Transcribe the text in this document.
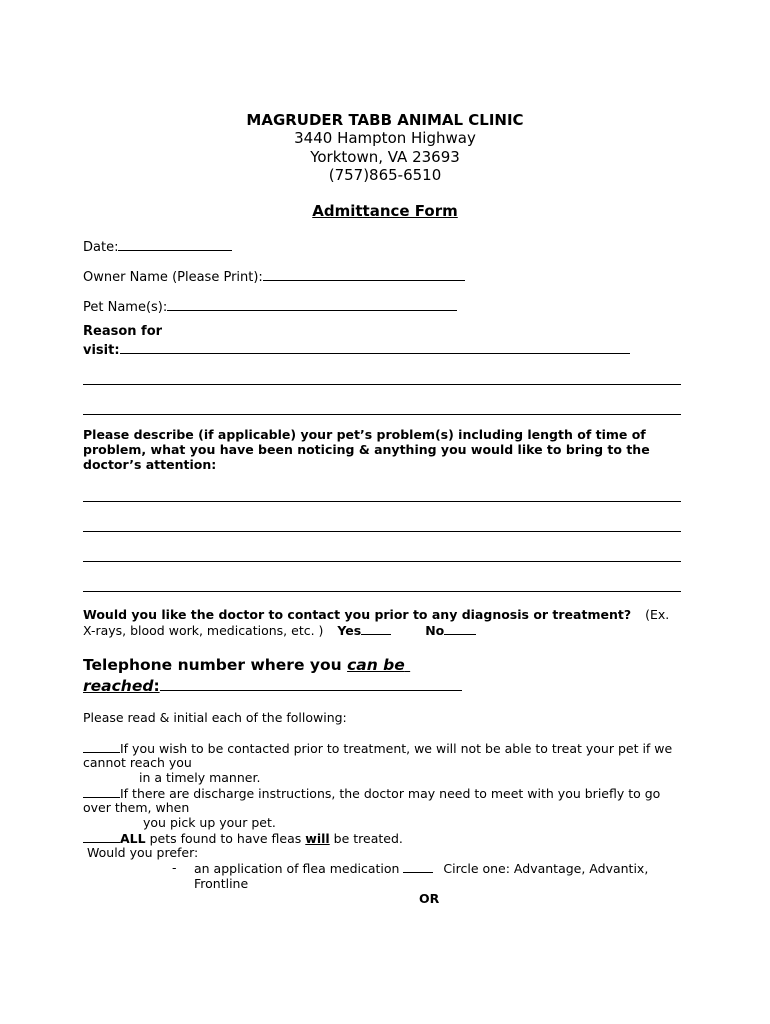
MAGRUDER TABB ANIMAL CLINIC
3440 Hampton Highway
Yorktown, VA 23693
(757)865-6510
Admittance Form
Date:
Owner Name (Please Print):
Pet Name(s):
Reason for
visit:
Please describe (if applicable) your pet’s problem(s) including length of time of
problem, what you have been noticing & anything you would like to bring to the
doctor’s attention:
Would you like the doctor to contact you prior to any diagnosis or treatment? (Ex.
X-rays, blood work, medications, etc. ) Yes	No
Telephone number where you can be
reached:
Please read & initial each of the following:
If you wish to be contacted prior to treatment, we will not be able to treat your pet if we
cannot reach you
in a timely manner.
If there are discharge instructions, the doctor may need to meet with you briefly to go
over them, when
you pick up your pet.
ALL pets found to have fleas will be treated.
Would you prefer:
- an application of flea medication	Circle one: Advantage, Advantix,
Frontline
OR
